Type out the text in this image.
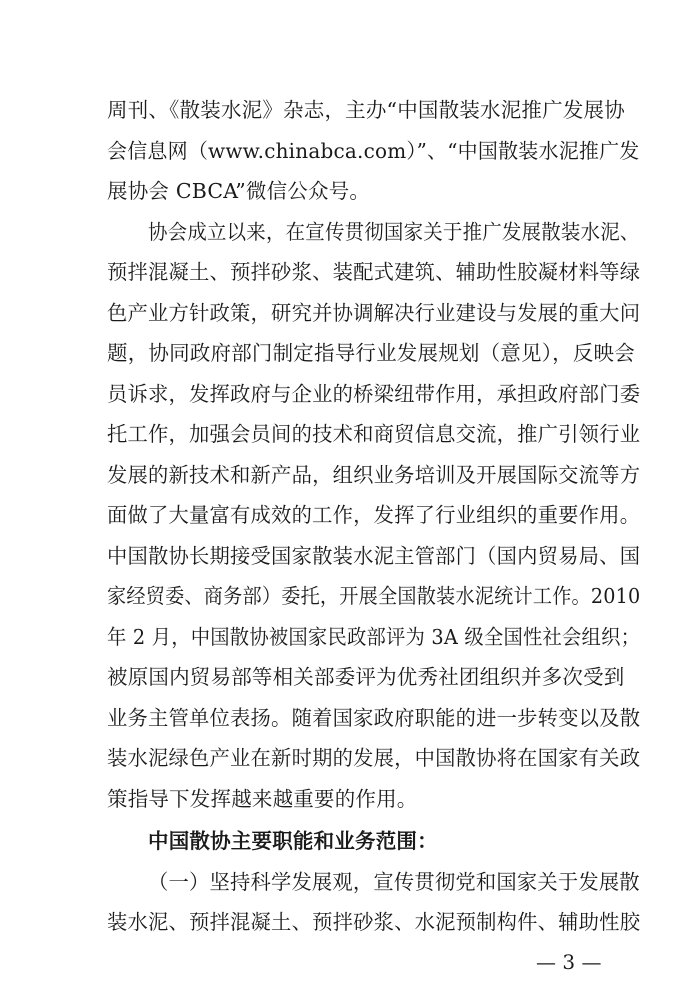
周刊、《散装水泥》杂志，主办“中国散装水泥推广发展协
会信息网（www.chinabca.com）”、“中国散装水泥推广发
展协会 CBCA”微信公众号。
协会成立以来，在宣传贯彻国家关于推广发展散装水泥、
预拌混凝土、预拌砂浆、装配式建筑、辅助性胶凝材料等绿
色产业方针政策，研究并协调解决行业建设与发展的重大问
题，协同政府部门制定指导行业发展规划（意见），反映会
员诉求，发挥政府与企业的桥梁纽带作用，承担政府部门委
托工作，加强会员间的技术和商贸信息交流，推广引领行业
发展的新技术和新产品，组织业务培训及开展国际交流等方
面做了大量富有成效的工作，发挥了行业组织的重要作用。
中国散协长期接受国家散装水泥主管部门（国内贸易局、国
家经贸委、商务部）委托，开展全国散装水泥统计工作。2010
年 2 月，中国散协被国家民政部评为 3A 级全国性社会组织；
被原国内贸易部等相关部委评为优秀社团组织并多次受到
业务主管单位表扬。随着国家政府职能的进一步转变以及散
装水泥绿色产业在新时期的发展，中国散协将在国家有关政
策指导下发挥越来越重要的作用。
中国散协主要职能和业务范围：
（一）坚持科学发展观，宣传贯彻党和国家关于发展散
— 3 —
装水泥、预拌混凝土、预拌砂浆、水泥预制构件、辅助性胶
